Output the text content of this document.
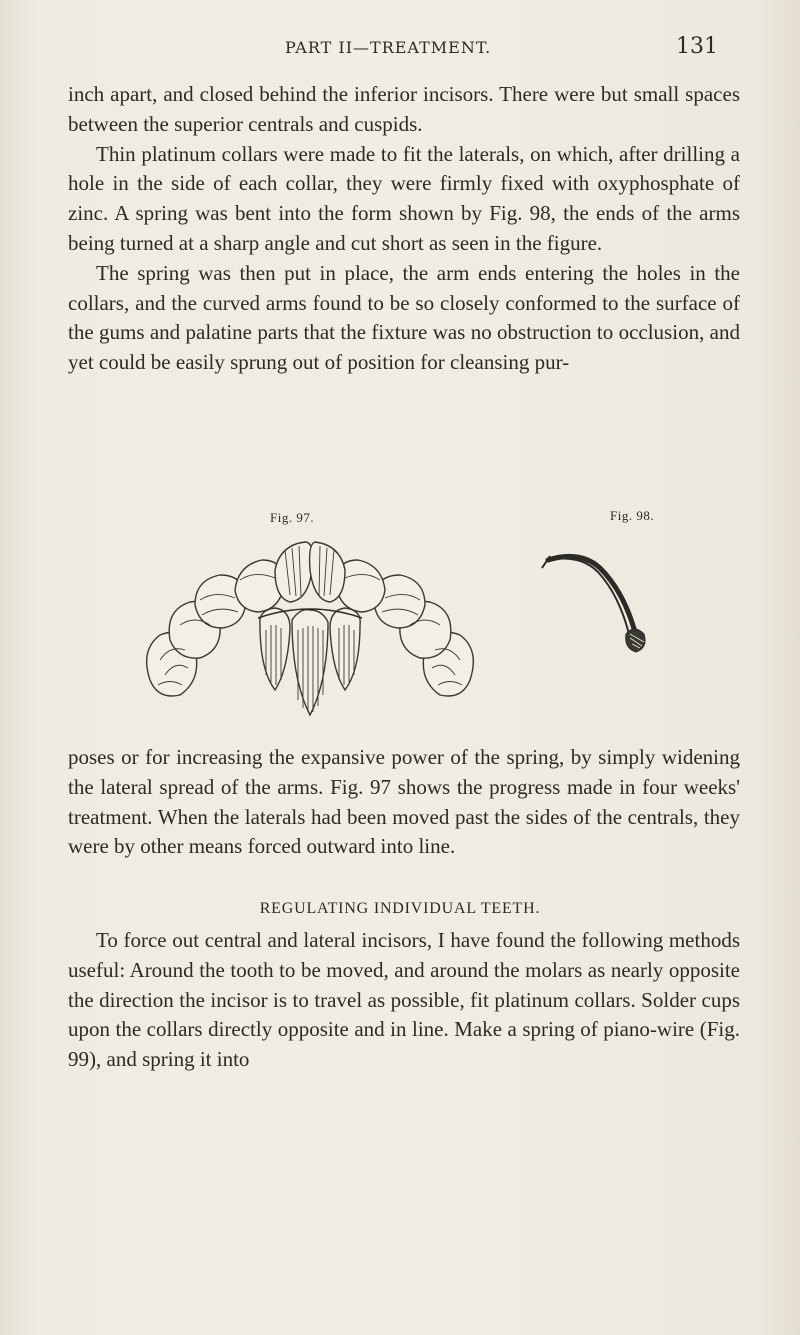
PART II—TREATMENT.	131

inch apart, and closed behind the inferior incisors. There were but small spaces between the superior centrals and cuspids.

Thin platinum collars were made to fit the laterals, on which, after drilling a hole in the side of each collar, they were firmly fixed with oxyphosphate of zinc. A spring was bent into the form shown by Fig. 98, the ends of the arms being turned at a sharp angle and cut short as seen in the figure.

The spring was then put in place, the arm ends entering the holes in the collars, and the curved arms found to be so closely conformed to the surface of the gums and palatine parts that the fixture was no obstruction to occlusion, and yet could be easily sprung out of position for cleansing pur-

Fig. 97.	Fig. 98.

poses or for increasing the expansive power of the spring, by simply widening the lateral spread of the arms. Fig. 97 shows the progress made in four weeks' treatment. When the laterals had been moved past the sides of the centrals, they were by other means forced outward into line.

REGULATING INDIVIDUAL TEETH.

To force out central and lateral incisors, I have found the following methods useful: Around the tooth to be moved, and around the molars as nearly opposite the direction the incisor is to travel as possible, fit platinum collars. Solder cups upon the collars directly opposite and in line. Make a spring of piano-wire (Fig. 99), and spring it into
